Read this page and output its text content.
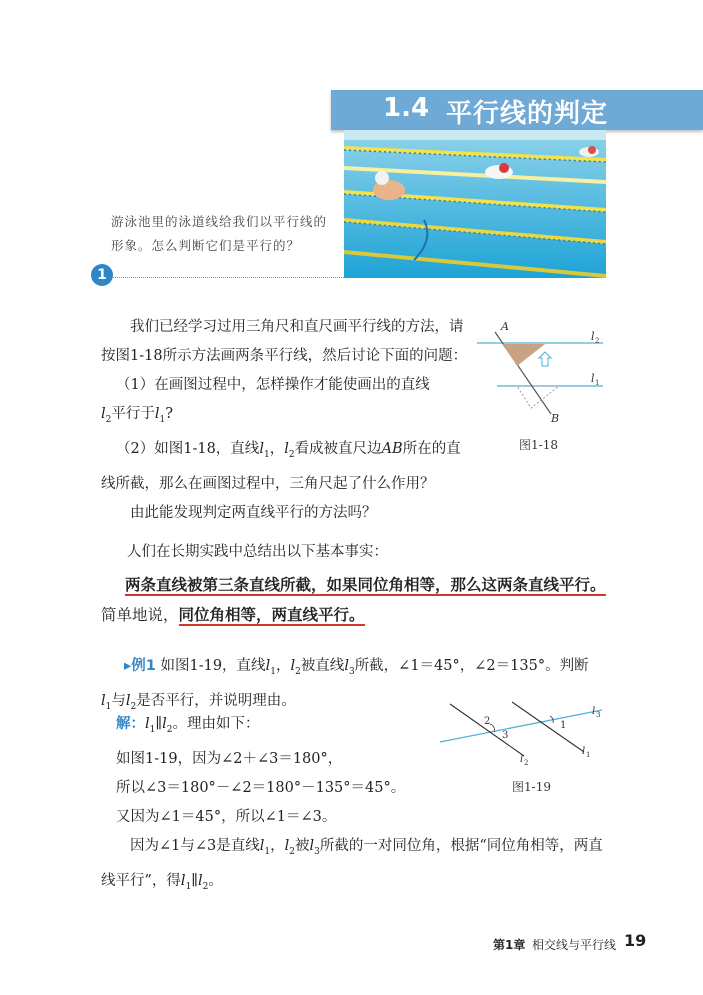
1.4 平行线的判定
游泳池里的泳道线给我们以平行线的形象。怎么判断它们是平行的？
1
我们已经学习过用三角尺和直尺画平行线的方法，请按图1-18所示方法画两条平行线，然后讨论下面的问题：
（1）在画图过程中，怎样操作才能使画出的直线
$l_2$平行于$l_1$?
（2）如图1-18，直线$l_1$，$l_2$看成被直尺边AB所在的直线所截，那么在画图过程中，三角尺起了什么作用？
由此能发现判定两直线平行的方法吗？
A
B
l 2
l 1
图1-18
人们在长期实践中总结出以下基本事实：
两条直线被第三条直线所截，如果同位角相等，那么这两条直线平行。简单地说，同位角相等，两直线平行。
▸例1 如图1-19，直线$l_1$，$l_2$被直线$l_3$所截，∠1＝45°，∠2＝135°。判断
$l_1$与$l_2$是否平行，并说明理由。
解：$l_1\parallel l_2$。理由如下：
如图1-19，因为∠2＋∠3＝180°，
所以∠3＝180°－∠2＝180°－135°＝45°。
又因为∠1＝45°，所以∠1＝∠3。
因为∠1与∠3是直线$l_1$，$l_2$被$l_3$所截的一对同位角，根据“同位角相等，两直线平行”，得$l_1\parallel l_2$。
2
3
1
l 3
l 1
l 2
图1-19
第1章 相交线与平行线 19
